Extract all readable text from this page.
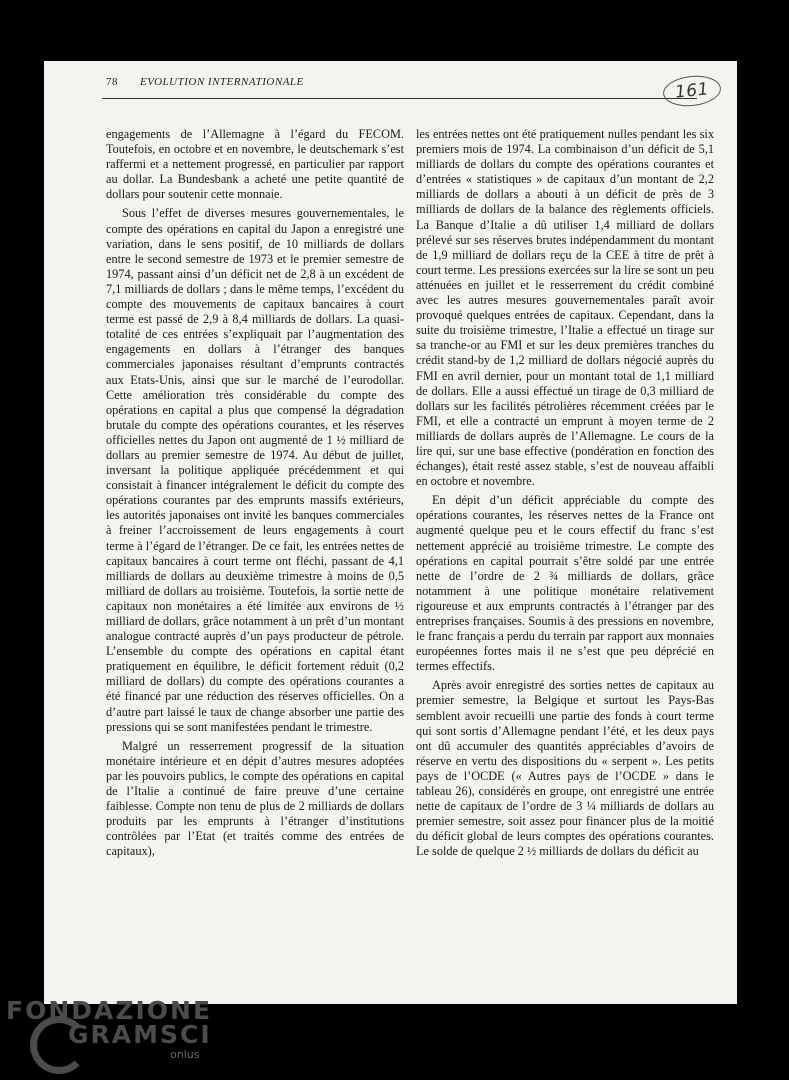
78 EVOLUTION INTERNATIONALE	161

engagements de l’Allemagne à l’égard du FECOM. Toutefois, en octobre et en novembre, le deutschemark s’est raffermi et a nettement progressé, en particulier par rapport au dollar. La Bundesbank a acheté une petite quantité de dollars pour soutenir cette monnaie.

Sous l’effet de diverses mesures gouvernementales, le compte des opérations en capital du Japon a enregistré une variation, dans le sens positif, de 10 milliards de dollars entre le second semestre de 1973 et le premier semestre de 1974, passant ainsi d’un déficit net de 2,8 à un excédent de 7,1 milliards de dollars ; dans le même temps, l’excédent du compte des mouvements de capitaux bancaires à court terme est passé de 2,9 à 8,4 milliards de dollars. La quasi-totalité de ces entrées s’expliquait par l’augmentation des engagements en dollars à l’étranger des banques commerciales japonaises résultant d’emprunts contractés aux Etats-Unis, ainsi que sur le marché de l’eurodollar. Cette amélioration très considérable du compte des opérations en capital a plus que compensé la dégradation brutale du compte des opérations courantes, et les réserves officielles nettes du Japon ont augmenté de 1 ½ milliard de dollars au premier semestre de 1974. Au début de juillet, inversant la politique appliquée précédemment et qui consistait à financer intégralement le déficit du compte des opérations courantes par des emprunts massifs extérieurs, les autorités japonaises ont invité les banques commerciales à freiner l’accroissement de leurs engagements à court terme à l’égard de l’étranger. De ce fait, les entrées nettes de capitaux bancaires à court terme ont fléchi, passant de 4,1 milliards de dollars au deuxième trimestre à moins de 0,5 milliard de dollars au troisième. Toutefois, la sortie nette de capitaux non monétaires a été limitée aux environs de ½ milliard de dollars, grâce notamment à un prêt d’un montant analogue contracté auprès d’un pays producteur de pétrole. L’ensemble du compte des opérations en capital étant pratiquement en équilibre, le déficit fortement réduit (0,2 milliard de dollars) du compte des opérations courantes a été financé par une réduction des réserves officielles. On a d’autre part laissé le taux de change absorber une partie des pressions qui se sont manifestées pendant le trimestre.

Malgré un resserrement progressif de la situation monétaire intérieure et en dépit d’autres mesures adoptées par les pouvoirs publics, le compte des opérations en capital de l’Italie a continué de faire preuve d’une certaine faiblesse. Compte non tenu de plus de 2 milliards de dollars produits par les emprunts à l’étranger d’institutions contrôlées par l’Etat (et traités comme des entrées de capitaux),

les entrées nettes ont été pratiquement nulles pendant les six premiers mois de 1974. La combinaison d’un déficit de 5,1 milliards de dollars du compte des opérations courantes et d’entrées « statistiques » de capitaux d’un montant de 2,2 milliards de dollars a abouti à un déficit de près de 3 milliards de dollars de la balance des règlements officiels. La Banque d’Italie a dû utiliser 1,4 milliard de dollars prélevé sur ses réserves brutes indépendamment du montant de 1,9 milliard de dollars reçu de la CEE à titre de prêt à court terme. Les pressions exercées sur la lire se sont un peu atténuées en juillet et le resserrement du crédit combiné avec les autres mesures gouvernementales paraît avoir provoqué quelques entrées de capitaux. Cependant, dans la suite du troisième trimestre, l’Italie a effectué un tirage sur sa tranche-or au FMI et sur les deux premières tranches du crédit stand-by de 1,2 milliard de dollars négocié auprès du FMI en avril dernier, pour un montant total de 1,1 milliard de dollars. Elle a aussi effectué un tirage de 0,3 milliard de dollars sur les facilités pétrolières récemment créées par le FMI, et elle a contracté un emprunt à moyen terme de 2 milliards de dollars auprès de l’Allemagne. Le cours de la lire qui, sur une base effective (pondération en fonction des échanges), était resté assez stable, s’est de nouveau affaibli en octobre et novembre.

En dépit d’un déficit appréciable du compte des opérations courantes, les réserves nettes de la France ont augmenté quelque peu et le cours effectif du franc s’est nettement apprécié au troisième trimestre. Le compte des opérations en capital pourrait s’être soldé par une entrée nette de l’ordre de 2 ¾ milliards de dollars, grâce notamment à une politique monétaire relativement rigoureuse et aux emprunts contractés à l’étranger par des entreprises françaises. Soumis à des pressions en novembre, le franc français a perdu du terrain par rapport aux monnaies européennes fortes mais il ne s’est que peu déprécié en termes effectifs.

Après avoir enregistré des sorties nettes de capitaux au premier semestre, la Belgique et surtout les Pays-Bas semblent avoir recueilli une partie des fonds à court terme qui sont sortis d’Allemagne pendant l’été, et les deux pays ont dû accumuler des quantités appréciables d’avoirs de réserve en vertu des dispositions du « serpent ». Les petits pays de l’OCDE (« Autres pays de l’OCDE » dans le tableau 26), considérés en groupe, ont enregistré une entrée nette de capitaux de l’ordre de 3 ¼ milliards de dollars au premier semestre, soit assez pour financer plus de la moitié du déficit global de leurs comptes des opérations courantes. Le solde de quelque 2 ½ milliards de dollars du déficit au

FONDAZIONE
GRAMSCI
onlus
